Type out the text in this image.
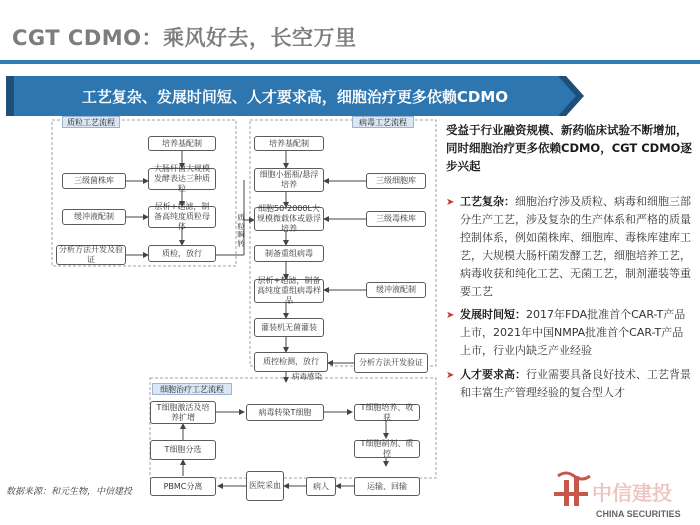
CGT CDMO：乘风好去，长空万里
工艺复杂、发展时间短、人才要求高，细胞治疗更多依赖CDMO
质粒工艺流程
培养基配制
大肠杆菌大规模发酵表达三种质粒
层析+超滤，制备高纯度质粒母体
质检，放行
三级菌株库
缓冲液配制
分析方法开发及验证
质粒瞬转
病毒工艺流程
培养基配制
细胞小摇瓶/悬浮培养
细胞50-2000L大规模微载体或悬浮培养
制备重组病毒
层析+超滤，制备高纯度重组病毒样品
灌装机无菌灌装
质控检测，放行
三级细胞库
三级毒株库
缓冲液配制
分析方法开发验证
病毒感染
细胞治疗工艺流程
T细胞激活及培养扩增
病毒转染T细胞
T细胞培养、收获
T细胞分选
T细胞制剂、质控
PBMC分离	医院采血	病人	运输、回输
受益于行业融资规模、新药临床试验不断增加，同时细胞治疗更多依赖CDMO，CGT CDMO逐步兴起
➤ 工艺复杂：细胞治疗涉及质粒、病毒和细胞三部分生产工艺，涉及复杂的生产体系和严格的质量控制体系，例如菌株库、细胞库、毒株库建库工艺，大规模大肠杆菌发酵工艺，细胞培养工艺，病毒收获和纯化工艺、无菌工艺，制剂灌装等重要工艺
➤ 发展时间短：2017年FDA批准首个CAR-T产品上市，2021年中国NMPA批准首个CAR-T产品上市，行业内缺乏产业经验
➤ 人才要求高：行业需要具备良好技术、工艺背景和丰富生产管理经验的复合型人才
数据来源：和元生物，中信建投	中信建投
CHINA SECURITIES
